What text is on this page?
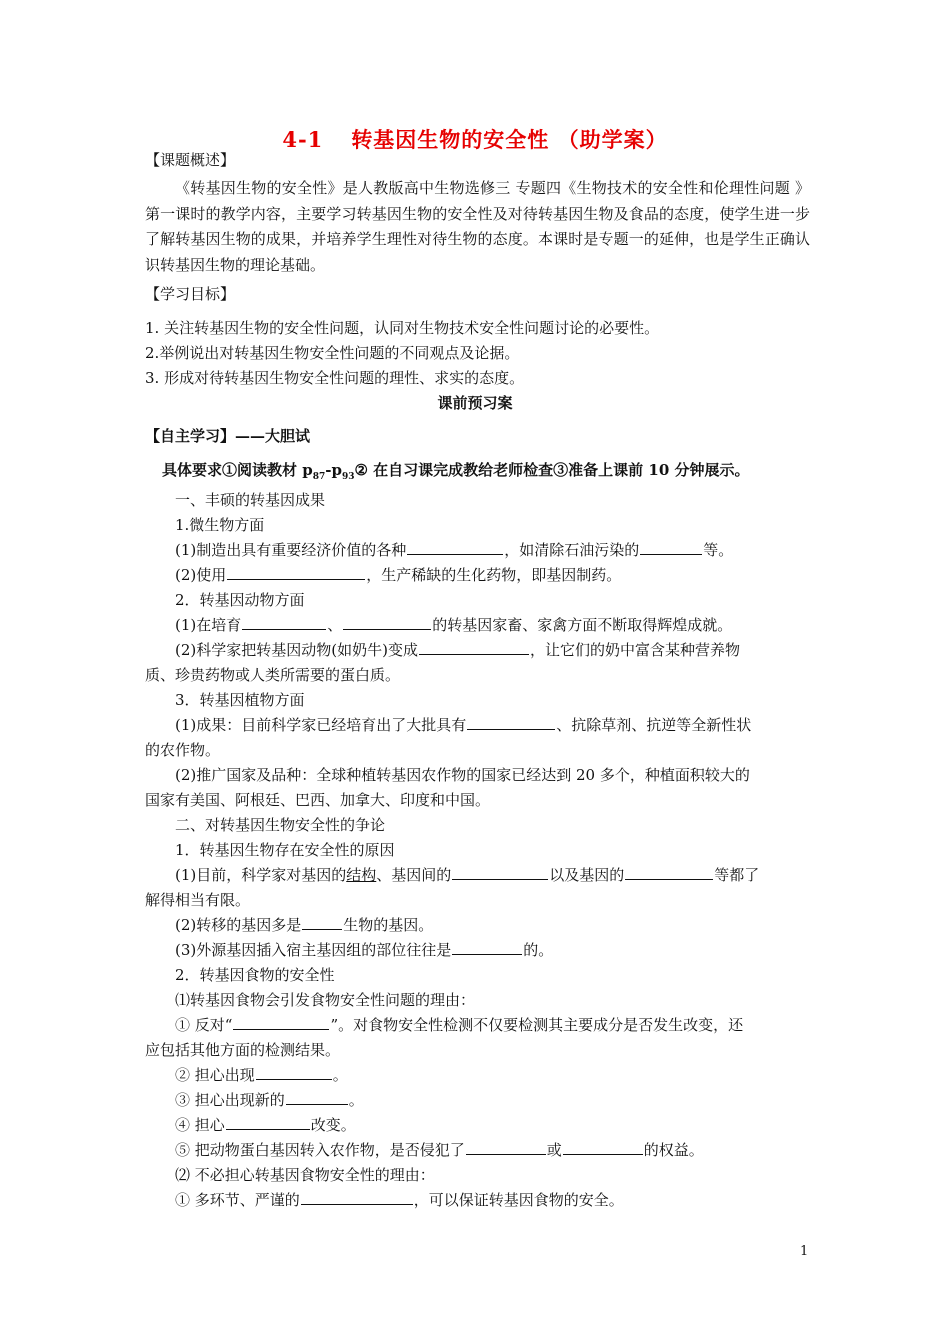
4-1 转基因生物的安全性 （助学案）
【课题概述】
《转基因生物的安全性》是人教版高中生物选修三 专题四《生物技术的安全性和伦理性问题 》第一课时的教学内容，主要学习转基因生物的安全性及对待转基因生物及食品的态度，使学生进一步了解转基因生物的成果，并培养学生理性对待生物的态度。本课时是专题一的延伸，也是学生正确认识转基因生物的理论基础。
【学习目标】
1. 关注转基因生物的安全性问题，认同对生物技术安全性问题讨论的必要性。
2.举例说出对转基因生物安全性问题的不同观点及论据。
3. 形成对待转基因生物安全性问题的理性、求实的态度。
课前预习案
【自主学习】——大胆试
具体要求①阅读教材 $p_{87}-p_{93}②$ 在自习课完成教给老师检查③准备上课前 10 分钟展示。
一、丰硕的转基因成果
1.微生物方面
(1)制造出具有重要经济价值的各种	，如清除石油污染的	等。
(2)使用	，生产稀缺的生化药物，即基因制药。
2．转基因动物方面
(1)在培育	、	的转基因家畜、家禽方面不断取得辉煌成就。
(2)科学家把转基因动物(如奶牛)变成	，让它们的奶中富含某种营养物
质、珍贵药物或人类所需要的蛋白质。
3．转基因植物方面
(1)成果：目前科学家已经培育出了大批具有	、抗除草剂、抗逆等全新性状
的农作物。
(2)推广国家及品种：全球种植转基因农作物的国家已经达到 20 多个，种植面积较大的
国家有美国、阿根廷、巴西、加拿大、印度和中国。
二、对转基因生物安全性的争论
1．转基因生物存在安全性的原因
(1)目前，科学家对基因的结构、基因间的	以及基因的	等都了
解得相当有限。
(2)转移的基因多是	生物的基因。
(3)外源基因插入宿主基因组的部位往往是	的。
2．转基因食物的安全性
⑴转基因食物会引发食物安全性问题的理由：
① 反对“	”。对食物安全性检测不仅要检测其主要成分是否发生改变，还
应包括其他方面的检测结果。
② 担心出现	。
③ 担心出现新的	。
④ 担心	改变。
⑤ 把动物蛋白基因转入农作物，是否侵犯了	或	的权益。
⑵ 不必担心转基因食物安全性的理由：
① 多环节、严谨的	，可以保证转基因食物的安全。
1
